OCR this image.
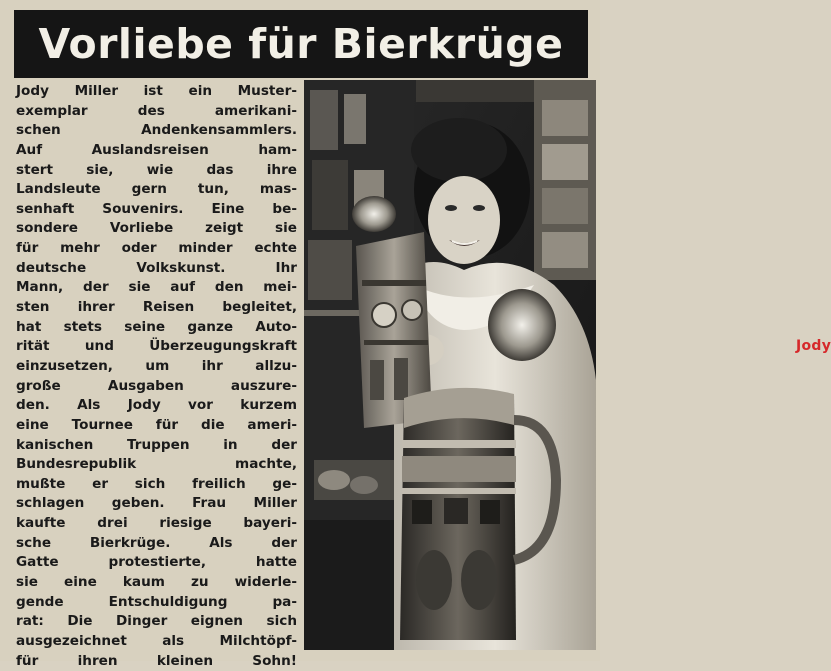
Vorliebe für Bierkrüge
Jody Miller ist ein Muster-
exemplar des amerikani-
schen Andenkensammlers.
Auf Auslandsreisen ham-
stert sie, wie das ihre
Landsleute gern tun, mas-
senhaft Souvenirs. Eine be-
sondere Vorliebe zeigt sie
für mehr oder minder echte
deutsche Volkskunst. Ihr
Mann, der sie auf den mei-
sten ihrer Reisen begleitet,
hat stets seine ganze Auto-
rität und Überzeugungskraft
einzusetzen, um ihr allzu-
große Ausgaben auszure-
den. Als Jody vor kurzem
eine Tournee für die ameri-
kanischen Truppen in der
Bundesrepublik machte,
mußte er sich freilich ge-
schlagen geben. Frau Miller
kaufte drei riesige bayeri-
sche Bierkrüge. Als der
Gatte protestierte, hatte
sie eine kaum zu widerle-
gende Entschuldigung pa-
rat: Die Dinger eignen sich
ausgezeichnet als Milchtöpf-
für ihren kleinen Sohn!
Jody
